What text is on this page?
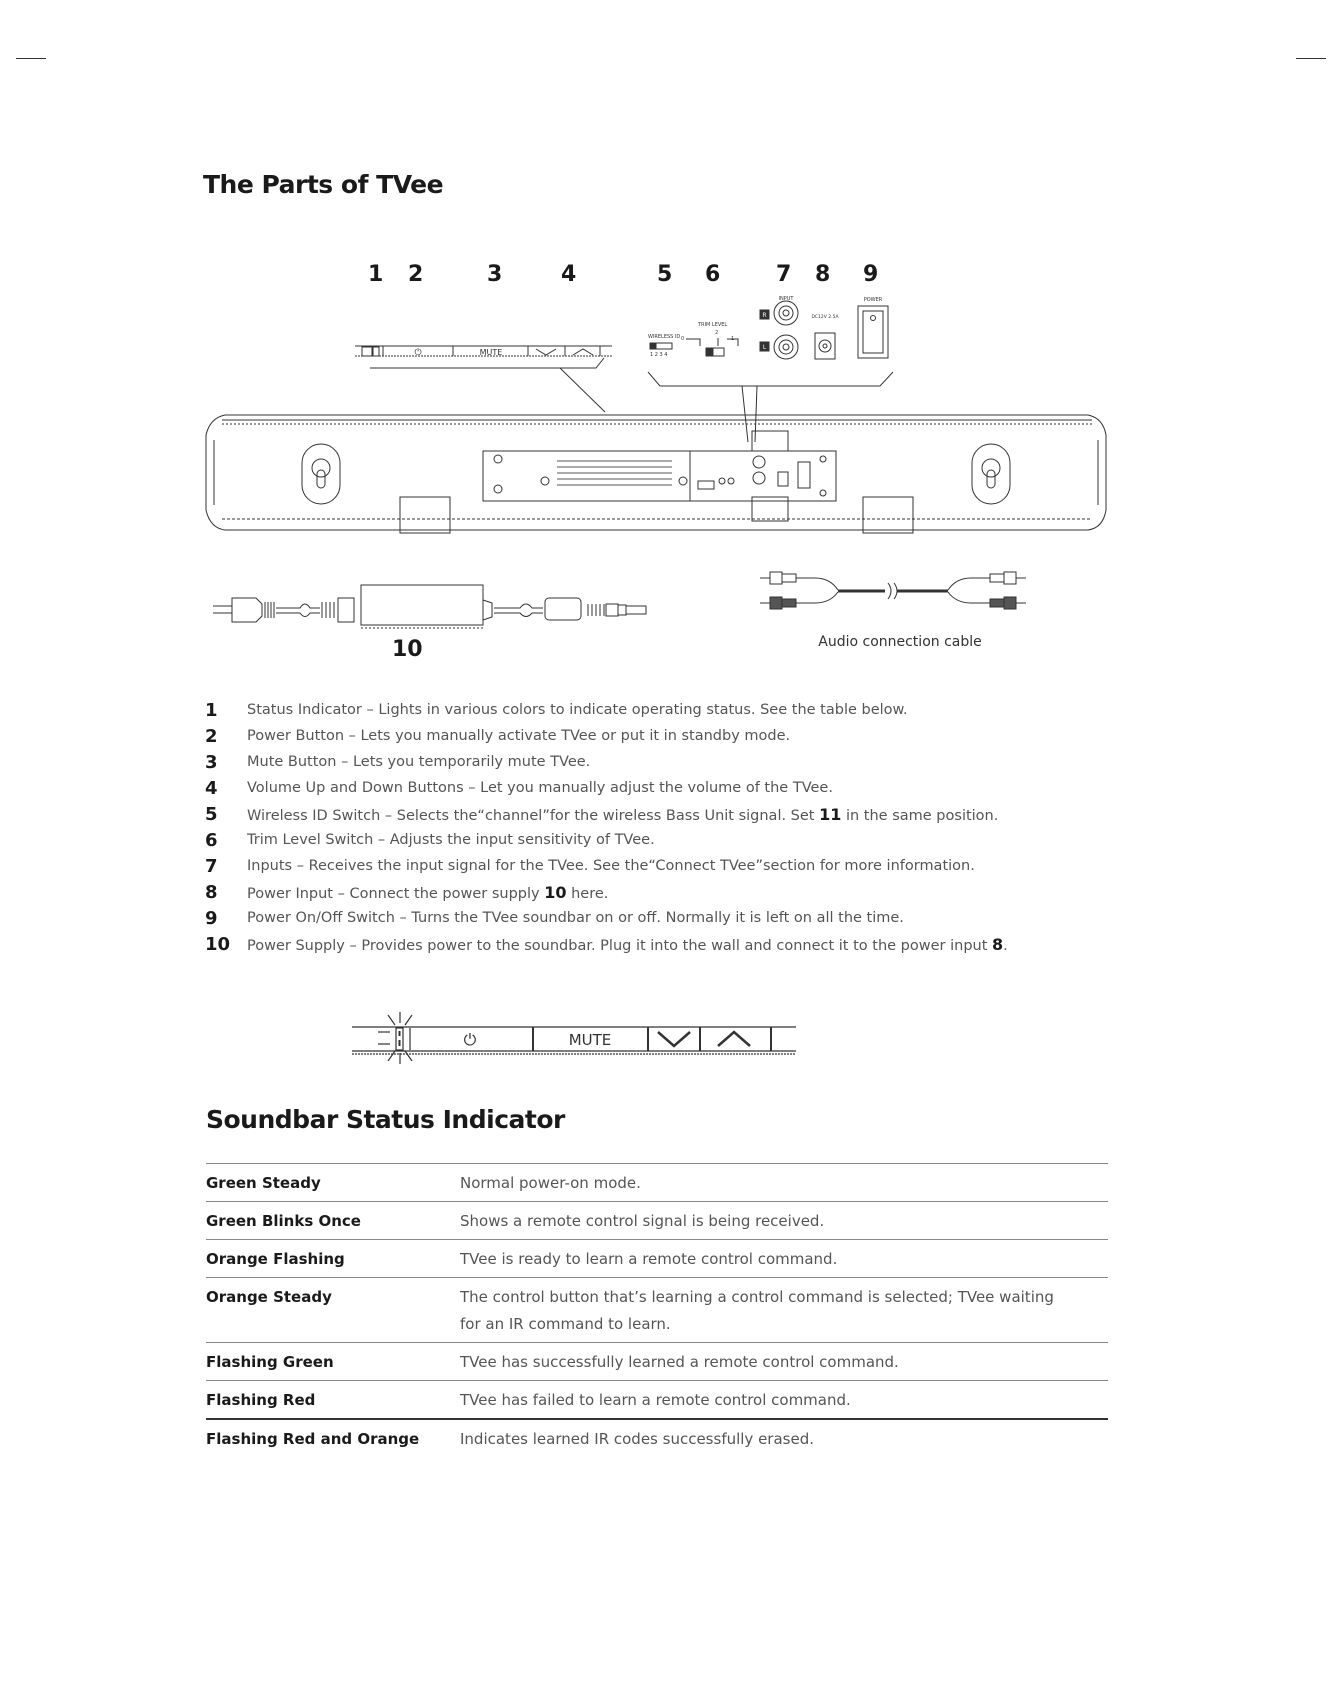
The Parts of TVee
1 2	3	4	5 6	7 8 9
⏻	MUTE
WIRELESS ID
1 2 3 4
TRIM LEVEL
0
2
1
INPUT
R
L
DC12V 2.5A
POWER
10	Audio connection cable
1	Status Indicator – Lights in various colors to indicate operating status. See the table below.
2	Power Button – Lets you manually activate TVee or put it in standby mode.
3	Mute Button – Lets you temporarily mute TVee.
4	Volume Up and Down Buttons – Let you manually adjust the volume of the TVee.
5	Wireless ID Switch – Selects the“channel”for the wireless Bass Unit signal. Set 11 in the same position.
6	Trim Level Switch – Adjusts the input sensitivity of TVee.
7	Inputs – Receives the input signal for the TVee. See the“Connect TVee”section for more information.
8	Power Input – Connect the power supply 10 here.
9	Power On/Off Switch – Turns the TVee soundbar on or off. Normally it is left on all the time.
10	Power Supply – Provides power to the soundbar. Plug it into the wall and connect it to the power input 8.
⏻	MUTE
Soundbar Status Indicator
Green Steady	Normal power-on mode.

Green Blinks Once	Shows a remote control signal is being received.

Orange Flashing	TVee is ready to learn a remote control command.

Orange Steady	The control button that’s learning a control command is selected; TVee waiting
for an IR command to learn.

Flashing Green	TVee has successfully learned a remote control command.

Flashing Red	TVee has failed to learn a remote control command.

Flashing Red and Orange	Indicates learned IR codes successfully erased.
